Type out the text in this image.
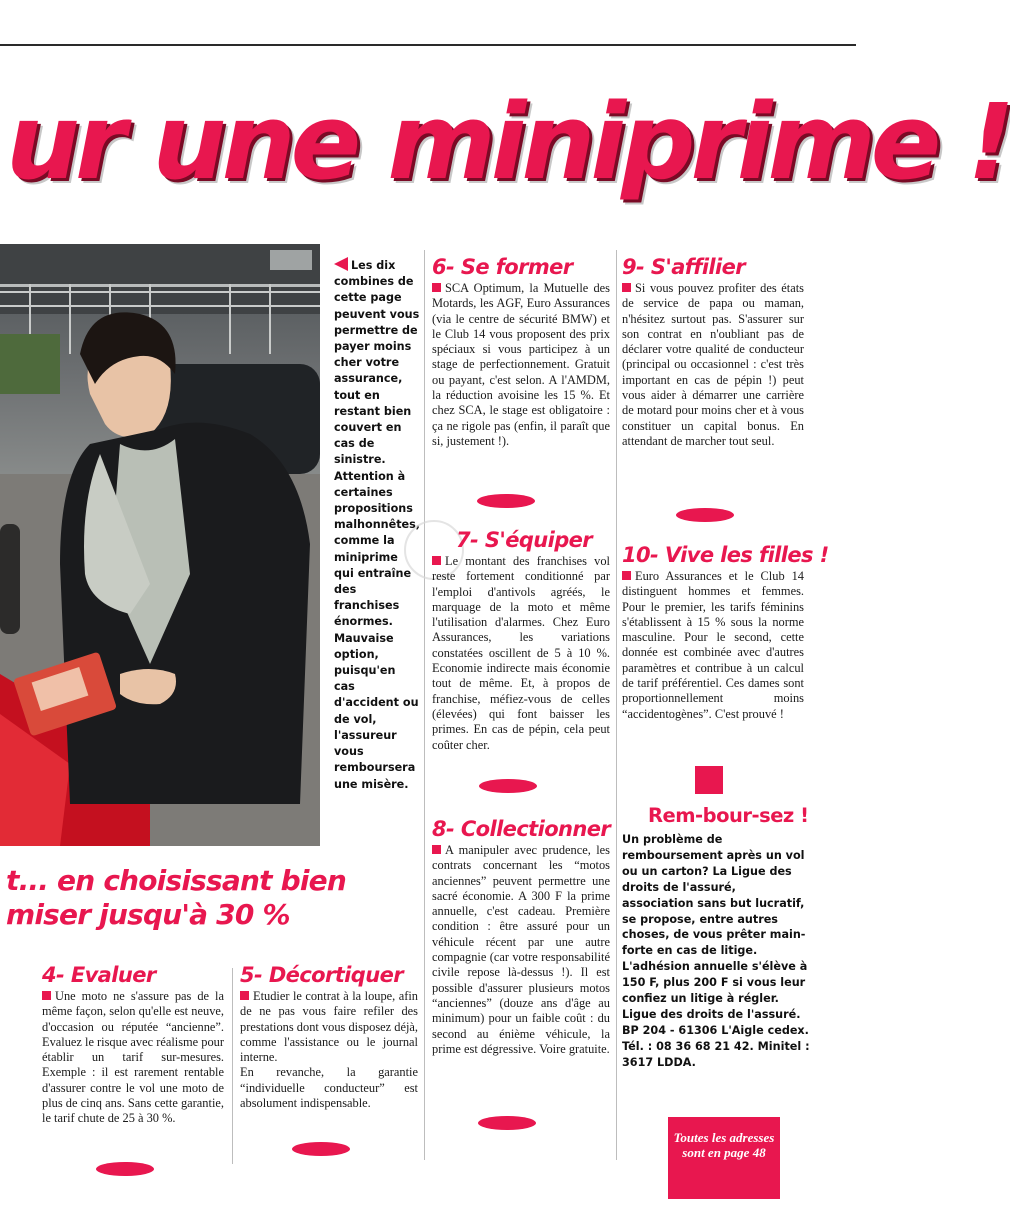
ur une miniprime !
Les dix combines de cette page peuvent vous permettre de payer moins cher votre assurance, tout en restant bien couvert en cas de sinistre. Attention à certaines propositions malhonnêtes, comme la miniprime qui entraîne des franchises énormes. Mauvaise option, puisqu'en cas d'accident ou de vol, l'assureur vous remboursera une misère.
6- Se former
SCA Optimum, la Mutuelle des Motards, les AGF, Euro Assurances (via le centre de sécurité BMW) et le Club 14 vous proposent des prix spéciaux si vous participez à un stage de perfectionnement. Gratuit ou payant, c'est selon. A l'AMDM, la réduction avoisine les 15 %. Et chez SCA, le stage est obligatoire : ça ne rigole pas (enfin, il paraît que si, justement !).
7- S'équiper
Le montant des franchises vol reste fortement conditionné par l'emploi d'antivols agréés, le marquage de la moto et même l'utilisation d'alarmes. Chez Euro Assurances, les variations constatées oscillent de 5 à 10 %. Economie indirecte mais économie tout de même. Et, à propos de franchise, méfiez-vous de celles (élevées) qui font baisser les primes. En cas de pépin, cela peut coûter cher.
8- Collectionner
A manipuler avec prudence, les contrats concernant les “motos anciennes” peuvent permettre une sacré économie. A 300 F la prime annuelle, c'est cadeau. Première condition : être assuré pour un véhicule récent par une autre compagnie (car votre responsabilité civile repose là-dessus !). Il est possible d'assurer plusieurs motos “anciennes” (douze ans d'âge au minimum) pour un faible coût : du second au énième véhicule, la prime est dégressive. Voire gratuite.
9- S'affilier
Si vous pouvez profiter des états de service de papa ou maman, n'hésitez surtout pas. S'assurer sur son contrat en n'oubliant pas de déclarer votre qualité de conducteur (principal ou occasionnel : c'est très important en cas de pépin !) peut vous aider à démarrer une carrière de motard pour moins cher et à vous constituer un capital bonus. En attendant de marcher tout seul.
10- Vive les filles !
Euro Assurances et le Club 14 distinguent hommes et femmes. Pour le premier, les tarifs féminins s'établissent à 15 % sous la norme masculine. Pour le second, cette donnée est combinée avec d'autres paramètres et contribue à un calcul de tarif préférentiel. Ces dames sont proportionnellement moins “accidentogènes”. C'est prouvé !
Rem-bour-sez !
Un problème de remboursement après un vol ou un carton? La Ligue des droits de l'assuré, association sans but lucratif, se propose, entre autres choses, de vous prêter main-forte en cas de litige. L'adhésion annuelle s'élève à 150 F, plus 200 F si vous leur confiez un litige à régler. Ligue des droits de l'assuré. BP 204 - 61306 L'Aigle cedex. Tél. : 08 36 68 21 42. Minitel : 3617 LDDA.
Toutes les adresses sont en page 48
t... en choisissant bien
miser jusqu'à 30 %
4- Evaluer
Une moto ne s'assure pas de la même façon, selon qu'elle est neuve, d'occasion ou réputée “ancienne”. Evaluez le risque avec réalisme pour établir un tarif sur-mesures. Exemple : il est rarement rentable d'assurer contre le vol une moto de plus de cinq ans. Sans cette garantie, le tarif chute de 25 à 30 %.
5- Décortiquer
Etudier le contrat à la loupe, afin de ne pas vous faire refiler des prestations dont vous disposez déjà, comme l'assistance ou le journal interne.
En revanche, la garantie “individuelle conducteur” est absolument indispensable.
